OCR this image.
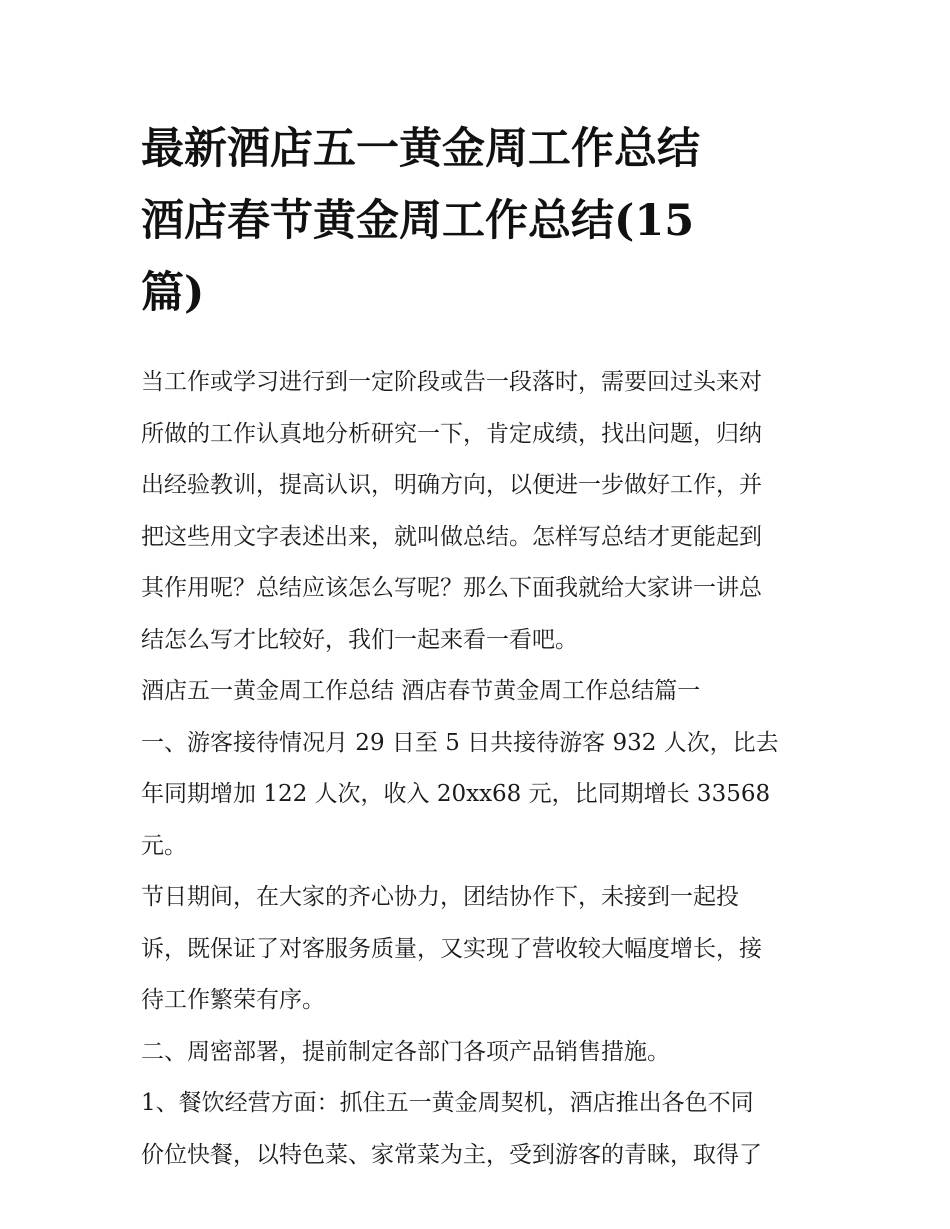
最新酒店五一黄金周工作总结
酒店春节黄金周工作总结(15
篇)

当工作或学习进行到一定阶段或告一段落时，需要回过头来对
所做的工作认真地分析研究一下，肯定成绩，找出问题，归纳
出经验教训，提高认识，明确方向，以便进一步做好工作，并
把这些用文字表述出来，就叫做总结。怎样写总结才更能起到
其作用呢？总结应该怎么写呢？那么下面我就给大家讲一讲总
结怎么写才比较好，我们一起来看一看吧。

酒店五一黄金周工作总结 酒店春节黄金周工作总结篇一

一、游客接待情况月 29 日至 5 日共接待游客 932 人次，比去
年同期增加 122 人次，收入 20xx68 元，比同期增长 33568 元。
节日期间，在大家的齐心协力，团结协作下，未接到一起投
诉，既保证了对客服务质量，又实现了营收较大幅度增长，接
待工作繁荣有序。

二、周密部署，提前制定各部门各项产品销售措施。

1、餐饮经营方面：抓住五一黄金周契机，酒店推出各色不同
价位快餐，以特色菜、家常菜为主，受到游客的青睐，取得了
